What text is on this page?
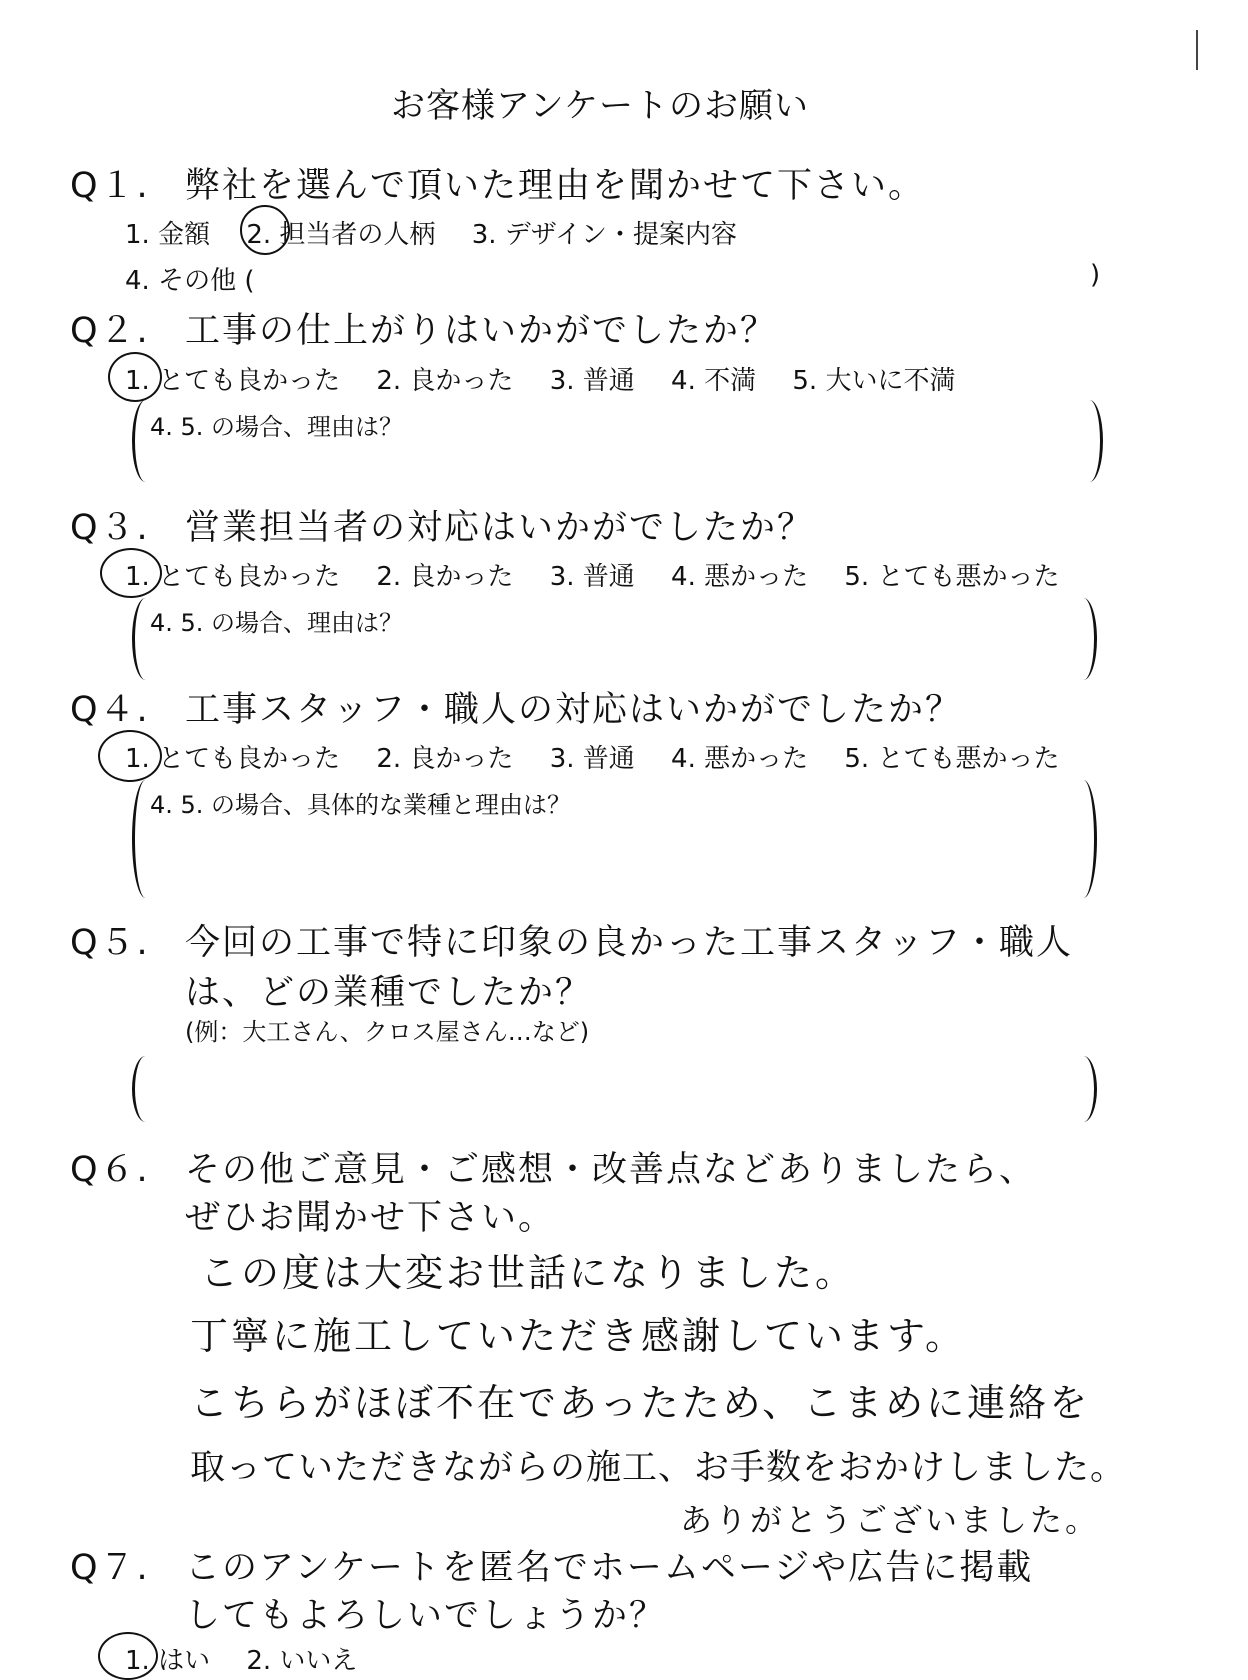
お客様アンケートのお願い
Q１. 弊社を選んで頂いた理由を聞かせて下さい。
1. 金額 2. 担当者の人柄 3. デザイン・提案内容
4. その他 (	)
Q２. 工事の仕上がりはいかがでしたか？
1. とても良かった 2. 良かった 3. 普通 4. 不満 5. 大いに不満
4. 5. の場合、理由は？
Q３. 営業担当者の対応はいかがでしたか？
1. とても良かった 2. 良かった 3. 普通 4. 悪かった 5. とても悪かった
4. 5. の場合、理由は？
Q４. 工事スタッフ・職人の対応はいかがでしたか？
1. とても良かった 2. 良かった 3. 普通 4. 悪かった 5. とても悪かった
4. 5. の場合、具体的な業種と理由は？
Q５. 今回の工事で特に印象の良かった工事スタッフ・職人
は、どの業種でしたか？
(例：大工さん、クロス屋さん…など)
Q６. その他ご意見・ご感想・改善点などありましたら、
ぜひお聞かせ下さい。
この度は大変お世話になりました。
丁寧に施工していただき感謝しています。
こちらがほぼ不在であったため、こまめに連絡を
取っていただきながらの施工、お手数をおかけしました。
ありがとうございました。
Q７. このアンケートを匿名でホームページや広告に掲載
してもよろしいでしょうか？
1. はい 2. いいえ
